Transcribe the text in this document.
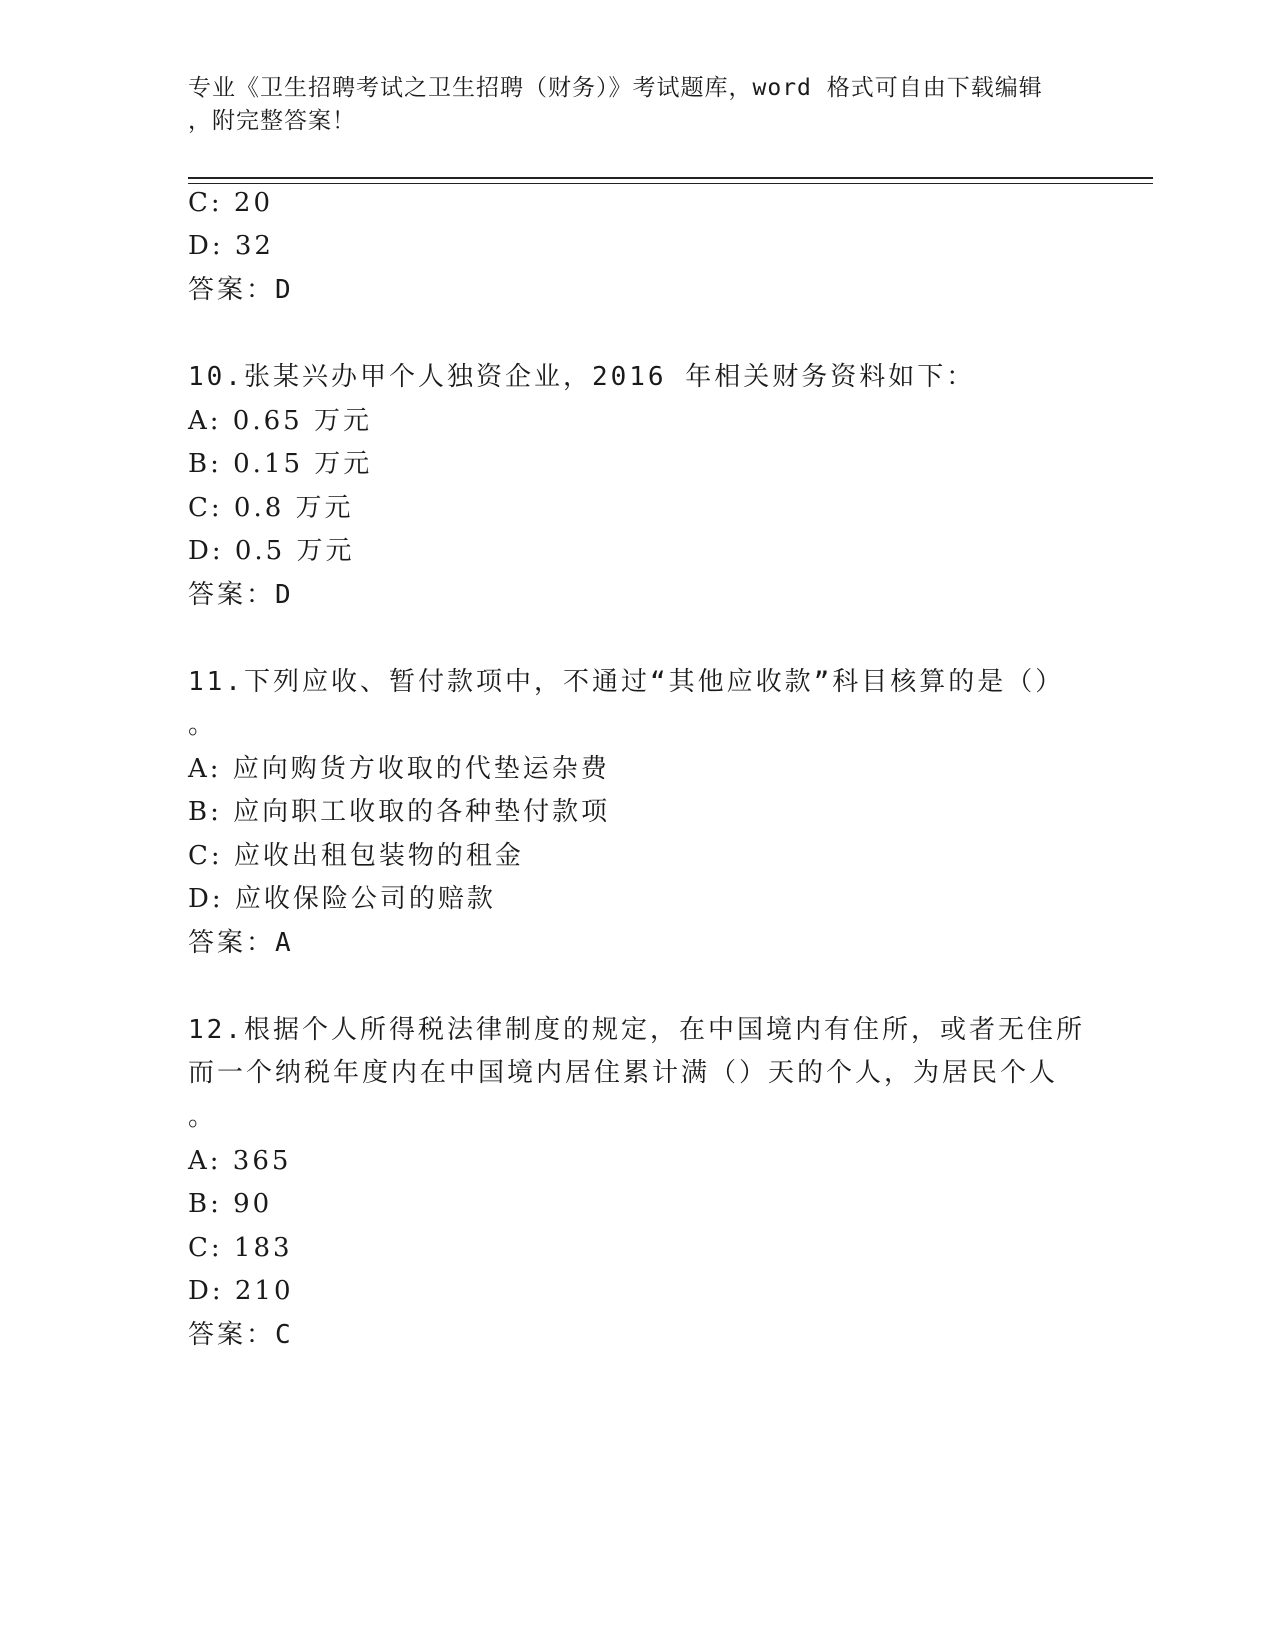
专业《卫生招聘考试之卫生招聘（财务）》考试题库，word 格式可自由下载编辑
，附完整答案！
C: 20
D: 32
答案：D
10.张某兴办甲个人独资企业，2016 年相关财务资料如下：
A: 0.65 万元
B: 0.15 万元
C: 0.8 万元
D: 0.5 万元
答案：D
11.下列应收、暂付款项中，不通过“其他应收款”科目核算的是（）
。
A: 应向购货方收取的代垫运杂费
B: 应向职工收取的各种垫付款项
C: 应收出租包装物的租金
D: 应收保险公司的赔款
答案：A
12.根据个人所得税法律制度的规定，在中国境内有住所，或者无住所
而一个纳税年度内在中国境内居住累计满（）天的个人，为居民个人
。
A: 365
B: 90
C: 183
D: 210
答案：C
